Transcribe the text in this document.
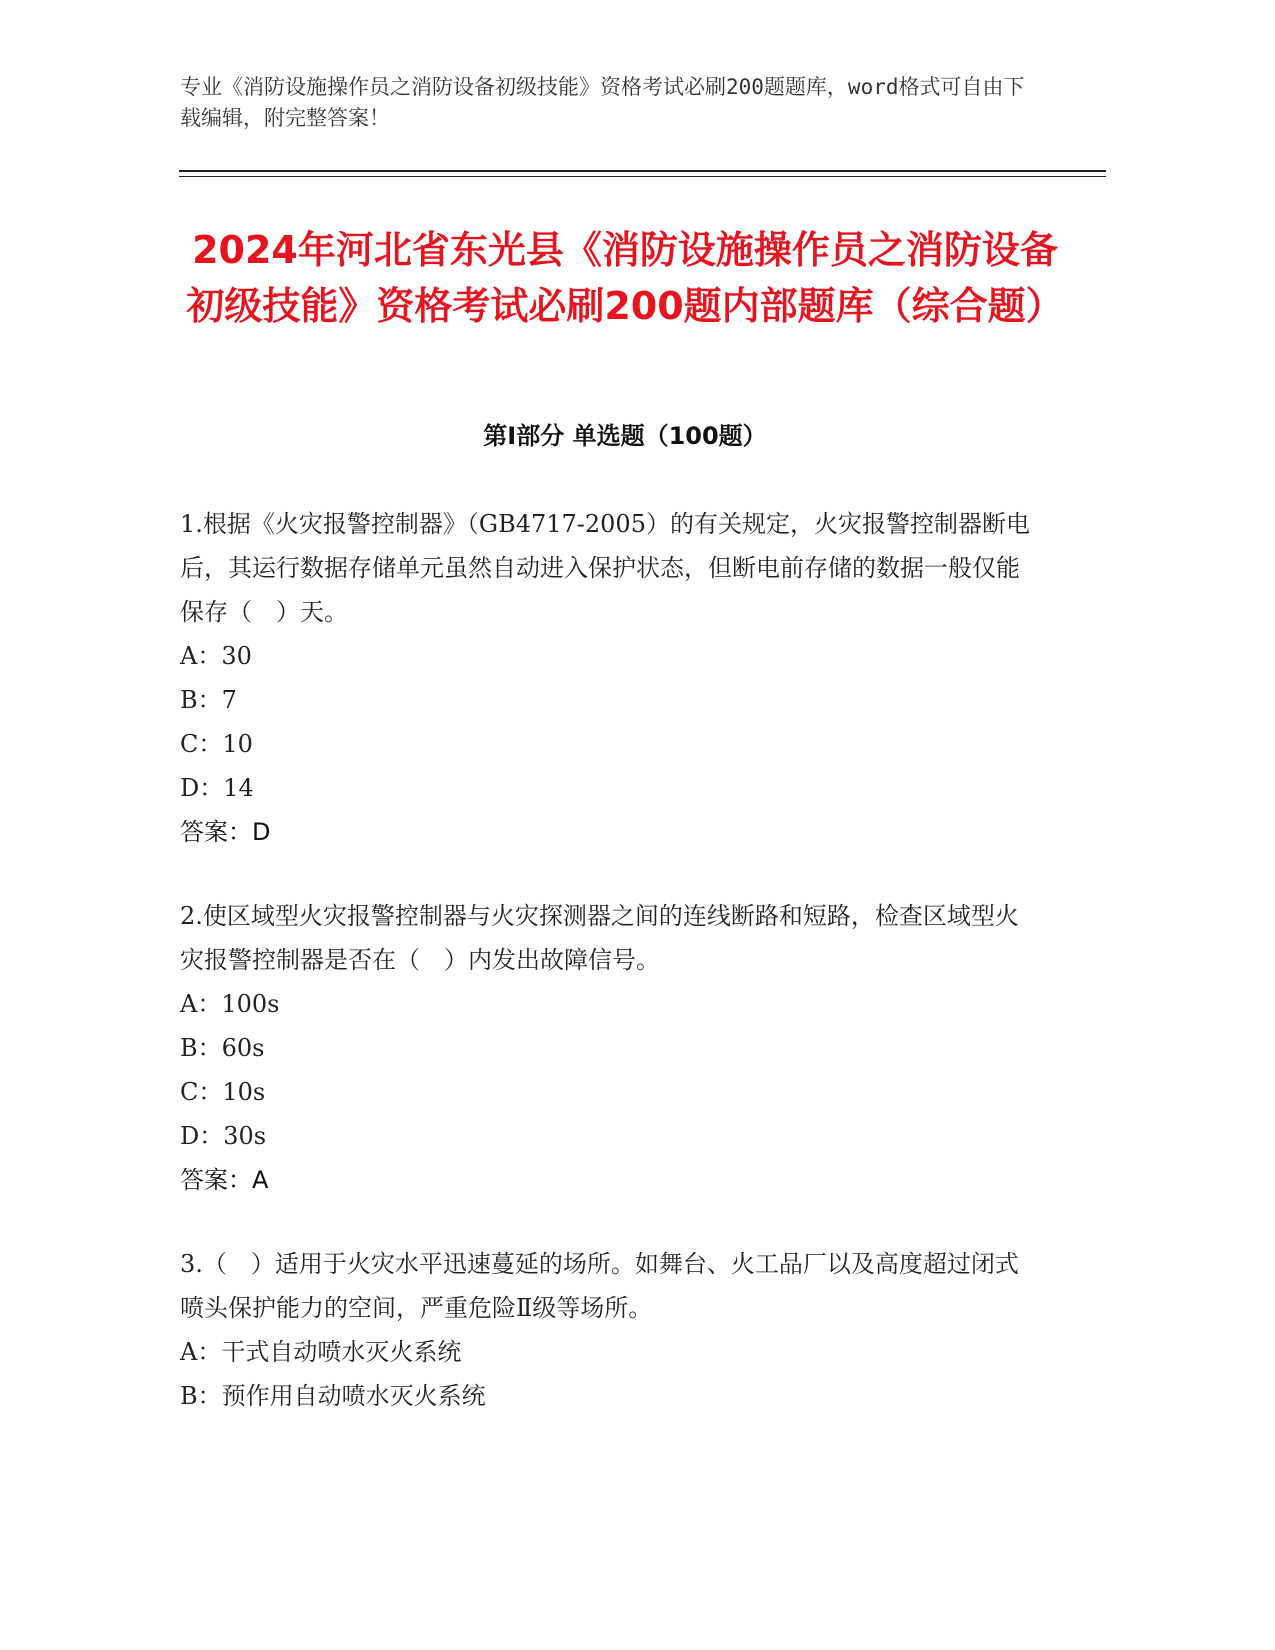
专业《消防设施操作员之消防设备初级技能》资格考试必刷200题题库，word格式可自由下载编辑，附完整答案！
2024年河北省东光县《消防设施操作员之消防设备初级技能》资格考试必刷200题内部题库（综合题）
第Ⅰ部分 单选题（100题）

1.根据《火灾报警控制器》（GB4717-2005）的有关规定，火灾报警控制器断电后，其运行数据存储单元虽然自动进入保护状态，但断电前存储的数据一般仅能保存（　）天。

A：30

B：7

C：10

D：14

答案：D

2.使区域型火灾报警控制器与火灾探测器之间的连线断路和短路，检查区域型火灾报警控制器是否在（　）内发出故障信号。

A：100s

B：60s

C：10s

D：30s

答案：A

3.（　）适用于火灾水平迅速蔓延的场所。如舞台、火工品厂以及高度超过闭式喷头保护能力的空间，严重危险Ⅱ级等场所。

A：干式自动喷水灭火系统

B：预作用自动喷水灭火系统
